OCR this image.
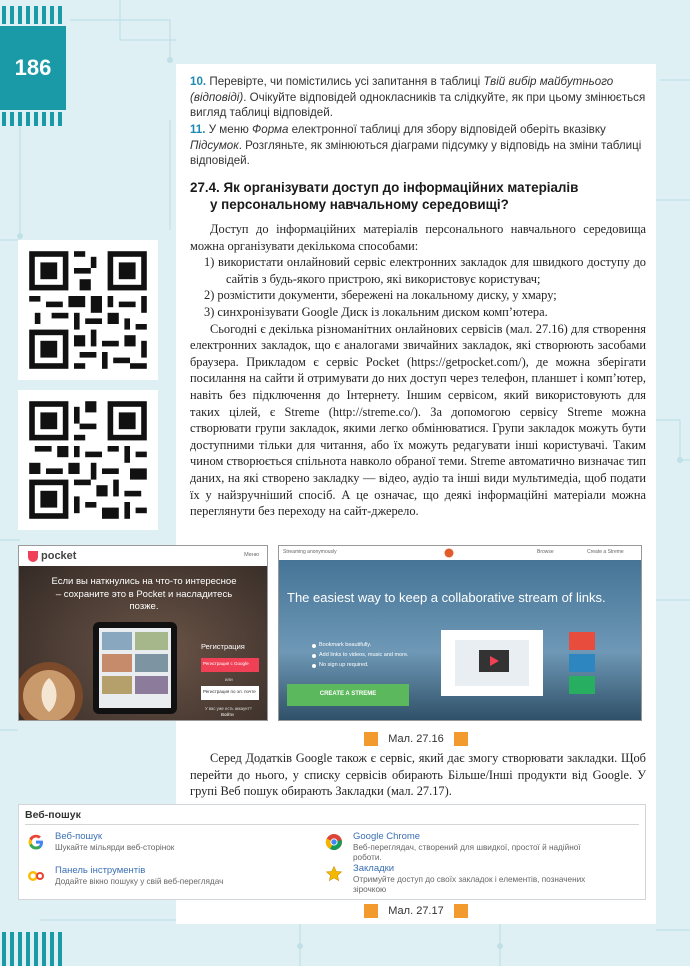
186
10. Перевірте, чи помістились усі запитання в таблиці Твій вибір майбутнього (відповіді). Очікуйте відповідей однокласників та слідкуйте, як при цьому змінюється вигляд таблиці відповідей.
11. У меню Форма електронної таблиці для збору відповідей оберіть вказівку Підсумок. Розгляньте, як змінюються діаграми підсумку у відповідь на зміни таблиці відповідей.
27.4. Як організувати доступ до інформаційних матеріалів
у персональному навчальному середовищі?

Доступ до інформаційних матеріалів персонального навчального середовища можна організувати декількома способами:

1) використати онлайновий сервіс електронних закладок для швидкого доступу до сайтів з будь-якого пристрою, які використовує користувач;

2) розмістити документи, збережені на локальному диску, у хмару;

3) синхронізувати Google Диск із локальним диском комп’ютера.

Сьогодні є декілька різноманітних онлайнових сервісів (мал. 27.16) для створення електронних закладок, що є аналогами звичайних закладок, які створюють засобами браузера. Прикладом є сервіс Pocket (https://getpocket.com/), де можна зберігати посилання на сайти й отримувати до них доступ через телефон, планшет і комп’ютер, навіть без підключення до Інтернету. Іншим сервісом, який використовують для таких цілей, є Streme (http://streme.co/). За допомогою сервісу Streme можна створювати групи закладок, якими легко обмінюватися. Групи закладок можуть бути доступними тільки для читання, або їх можуть редагувати інші користувачі. Таким чином створюється спільнота навколо обраної теми. Streme автоматично визначає тип даних, на які створено закладку — відео, аудіо та інші види мультимедіа, щоб подати їх у найзручніший спосіб. А це означає, що деякі інформаційні матеріали можна переглянути без переходу на сайт-джерело.

pocket	Меню
Если вы наткнулись на что-то интересное
– сохраните это в Pocket и насладитесь
позже.
Регистрация
Регистрация с Google
или
Регистрация по эл. почте
У вас уже есть аккаунт?
Войти
Streaming anonymously	Browse	Create a Streme
The easiest way to keep a collaborative stream of links.
Bookmark beautifully.
Add links to videos, music and more.
No sign up required.
CREATE A STREME
Мал. 27.16

Серед Додатків Google також є сервіс, який дає змогу створювати закладки. Щоб перейти до нього, у списку сервісів обирають Більше/Інші продукти від Google. У групі Веб пошук обирають Закладки (мал. 27.17).

Веб-пошук
Веб-пошук
Шукайте мільярди веб-сторінок
Google Chrome
Веб-переглядач, створений для швидкої, простої й надійної роботи.
Панель інструментів
Додайте вікно пошуку у свій веб-переглядач
Закладки
Отримуйте доступ до своїх закладок і елементів, позначених зірочкою
Мал. 27.17
